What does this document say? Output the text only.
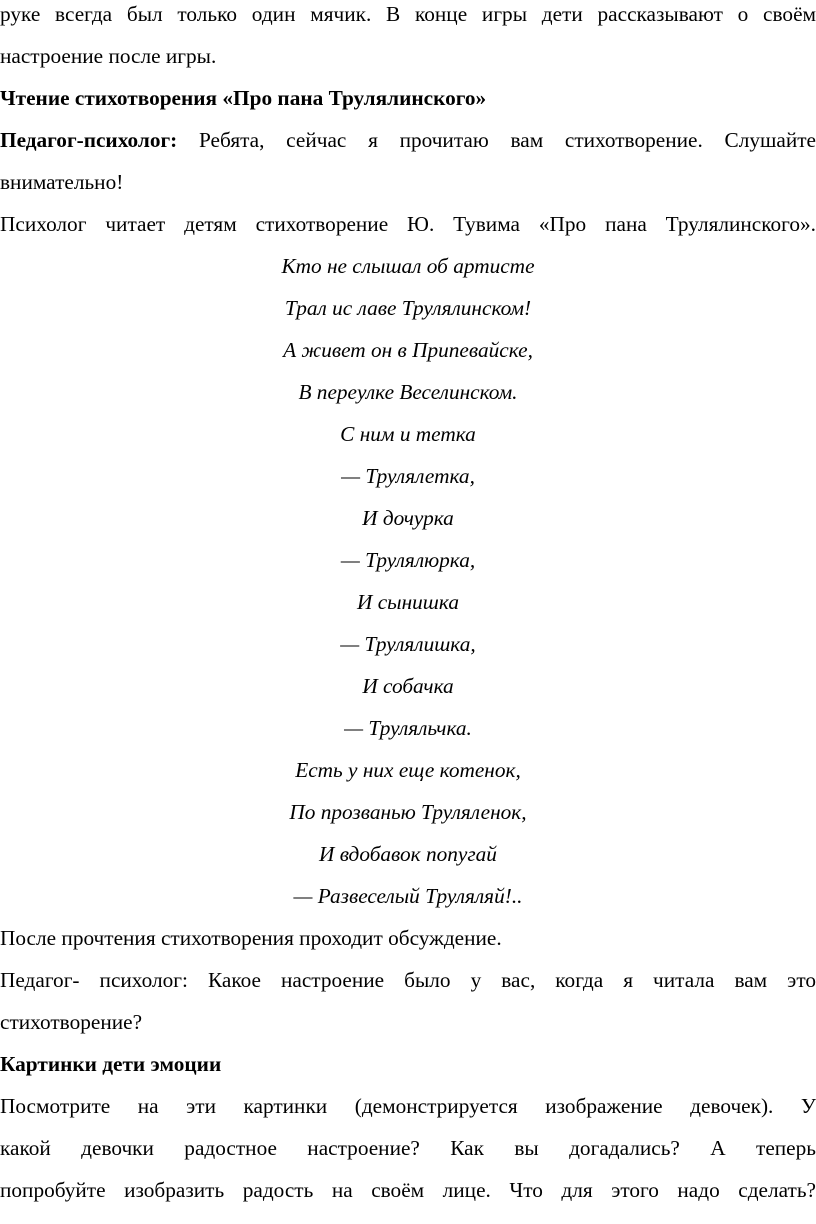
руке всегда был только один мячик. В конце игры дети рассказывают о своём
настроение после игры.
Чтение стихотворения «Про пана Трулялинского»
Педагог-психолог: Ребята, сейчас я прочитаю вам стихотворение. Слушайте
внимательно!
Психолог читает детям стихотворение Ю. Тувима «Про пана Трулялинского».
Кто не слышал об артисте
Трал ис лаве Трулялинском!
А живет он в Припевайске,
В переулке Веселинском.
С ним и тетка
— Трулялетка,
И дочурка
— Трулялюрка,
И сынишка
— Трулялишка,
И собачка
— Труляльчка.
Есть у них еще котенок,
По прозванью Труляленок,
И вдобавок попугай
— Развеселый Труляляй!..
После прочтения стихотворения проходит обсуждение.
Педагог- психолог: Какое настроение было у вас, когда я читала вам это
стихотворение?
Картинки дети эмоции
Посмотрите на эти картинки (демонстрируется изображение девочек). У
какой девочки радостное настроение? Как вы догадались? А теперь
попробуйте изобразить радость на своём лице. Что для этого надо сделать?
